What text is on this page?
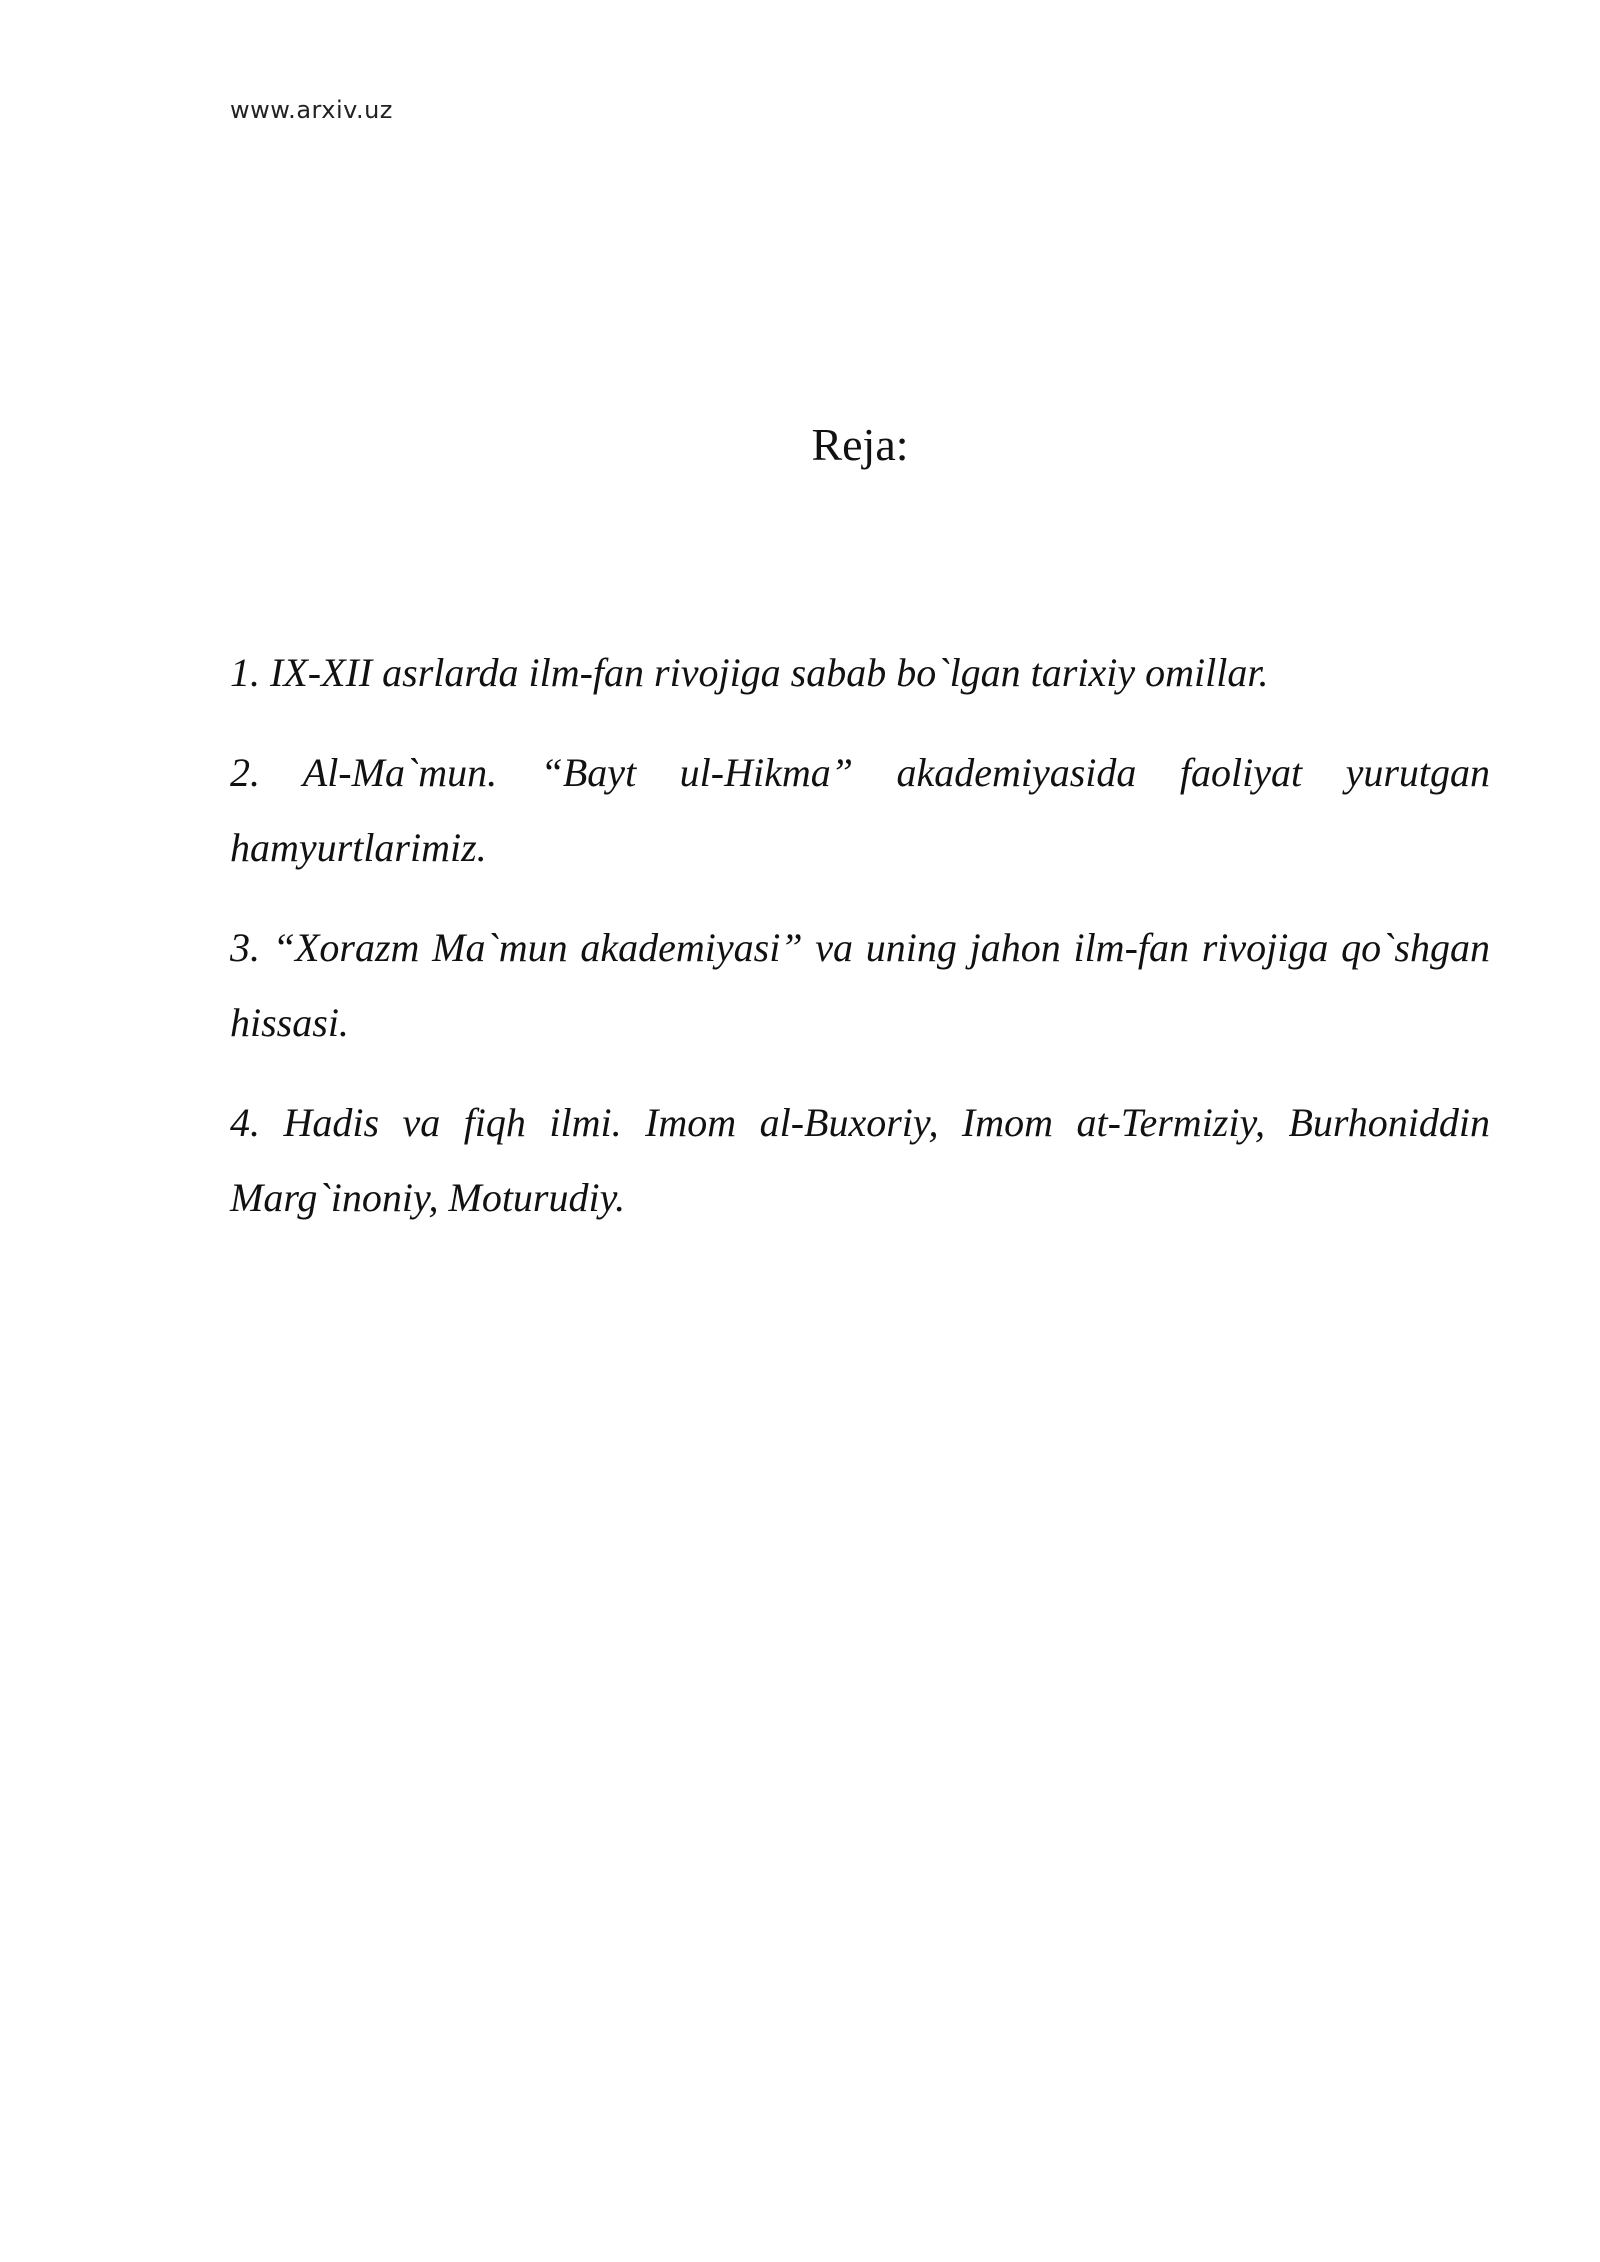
www.arxiv.uz
Reja:
1. IX-XII asrlarda ilm-fan rivojiga sabab bo`lgan tarixiy omillar.
2. Al-Ma`mun. “Bayt ul-Hikma” akademiyasida faoliyat yurutgan hamyurtlarimiz.
3. “Xorazm Ma`mun akademiyasi” va uning jahon ilm-fan rivojiga qo`shgan hissasi.
4. Hadis va fiqh ilmi. Imom al-Buxoriy, Imom at-Termiziy, Burhoniddin Marg`inoniy, Moturudiy.
